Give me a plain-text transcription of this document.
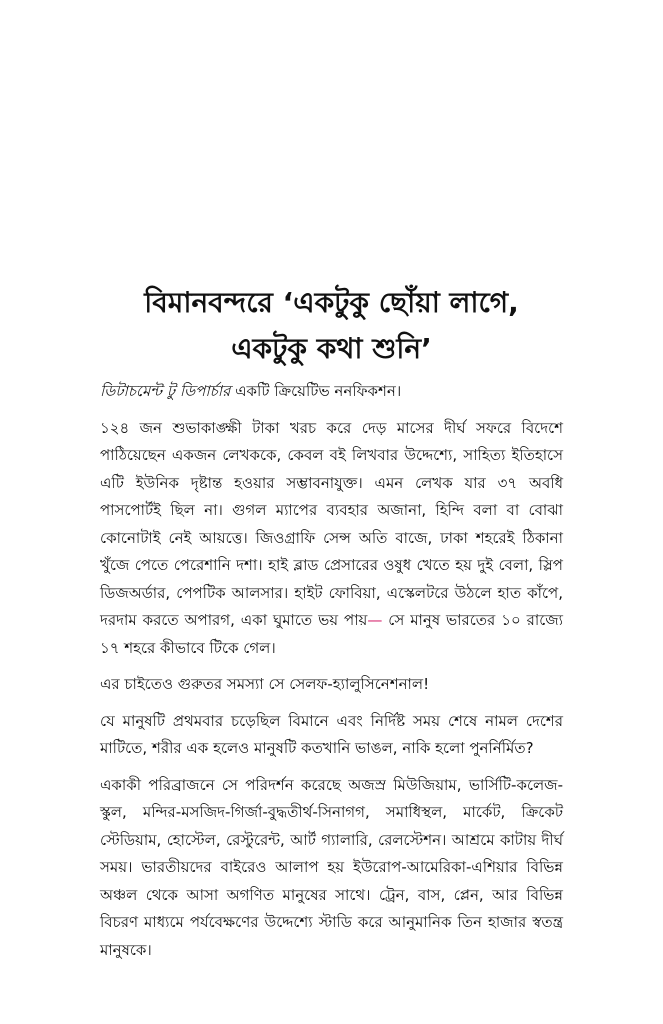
বিমানবন্দরে ‘একটুকু ছোঁয়া লাগে,
একটুকু কথা শুনি’

ডিটাচমেন্ট টু ডিপার্চার একটি ক্রিয়েটিভ ননফিকশন।

১২৪ জন শুভাকাঙ্ক্ষী টাকা খরচ করে দেড় মাসের দীর্ঘ সফরে বিদেশে পাঠিয়েছেন একজন লেখককে, কেবল বই লিখবার উদ্দেশ্যে, সাহিত্য ইতিহাসে এটি ইউনিক দৃষ্টান্ত হওয়ার সম্ভাবনাযুক্ত। এমন লেখক যার ৩৭ অবধি পাসপোর্টই ছিল না। গুগল ম্যাপের ব্যবহার অজানা, হিন্দি বলা বা বোঝা কোনোটাই নেই আয়ত্তে। জিওগ্রাফি সেন্স অতি বাজে, ঢাকা শহরেই ঠিকানা খুঁজে পেতে পেরেশানি দশা। হাই ব্লাড প্রেসারের ওষুধ খেতে হয় দুই বেলা, স্লিপ ডিজঅর্ডার, পেপটিক আলসার। হাইট ফোবিয়া, এস্কেলটরে উঠলে হাত কাঁপে, দরদাম করতে অপারগ, একা ঘুমাতে ভয় পায়— সে মানুষ ভারতের ১০ রাজ্যে ১৭ শহরে কীভাবে টিকে গেল।

এর চাইতেও গুরুতর সমস্যা সে সেলফ-হ্যালুসিনেশনাল!

যে মানুষটি প্রথমবার চড়েছিল বিমানে এবং নির্দিষ্ট সময় শেষে নামল দেশের মাটিতে, শরীর এক হলেও মানুষটি কতখানি ভাঙল, নাকি হলো পুনর্নির্মিত?

একাকী পরিব্রাজনে সে পরিদর্শন করেছে অজস্র মিউজিয়াম, ভার্সিটি-কলেজ-স্কুল, মন্দির-মসজিদ-গির্জা-বুদ্ধতীর্থ-সিনাগগ, সমাধিস্থল, মার্কেট, ক্রিকেট স্টেডিয়াম, হোস্টেল, রেস্টুরেন্ট, আর্ট গ্যালারি, রেলস্টেশন। আশ্রমে কাটায় দীর্ঘ সময়। ভারতীয়দের বাইরেও আলাপ হয় ইউরোপ-আমেরিকা-এশিয়ার বিভিন্ন অঞ্চল থেকে আসা অগণিত মানুষের সাথে। ট্রেন, বাস, প্লেন, আর বিভিন্ন বিচরণ মাধ্যমে পর্যবেক্ষণের উদ্দেশ্যে স্টাডি করে আনুমানিক তিন হাজার স্বতন্ত্র মানুষকে।
